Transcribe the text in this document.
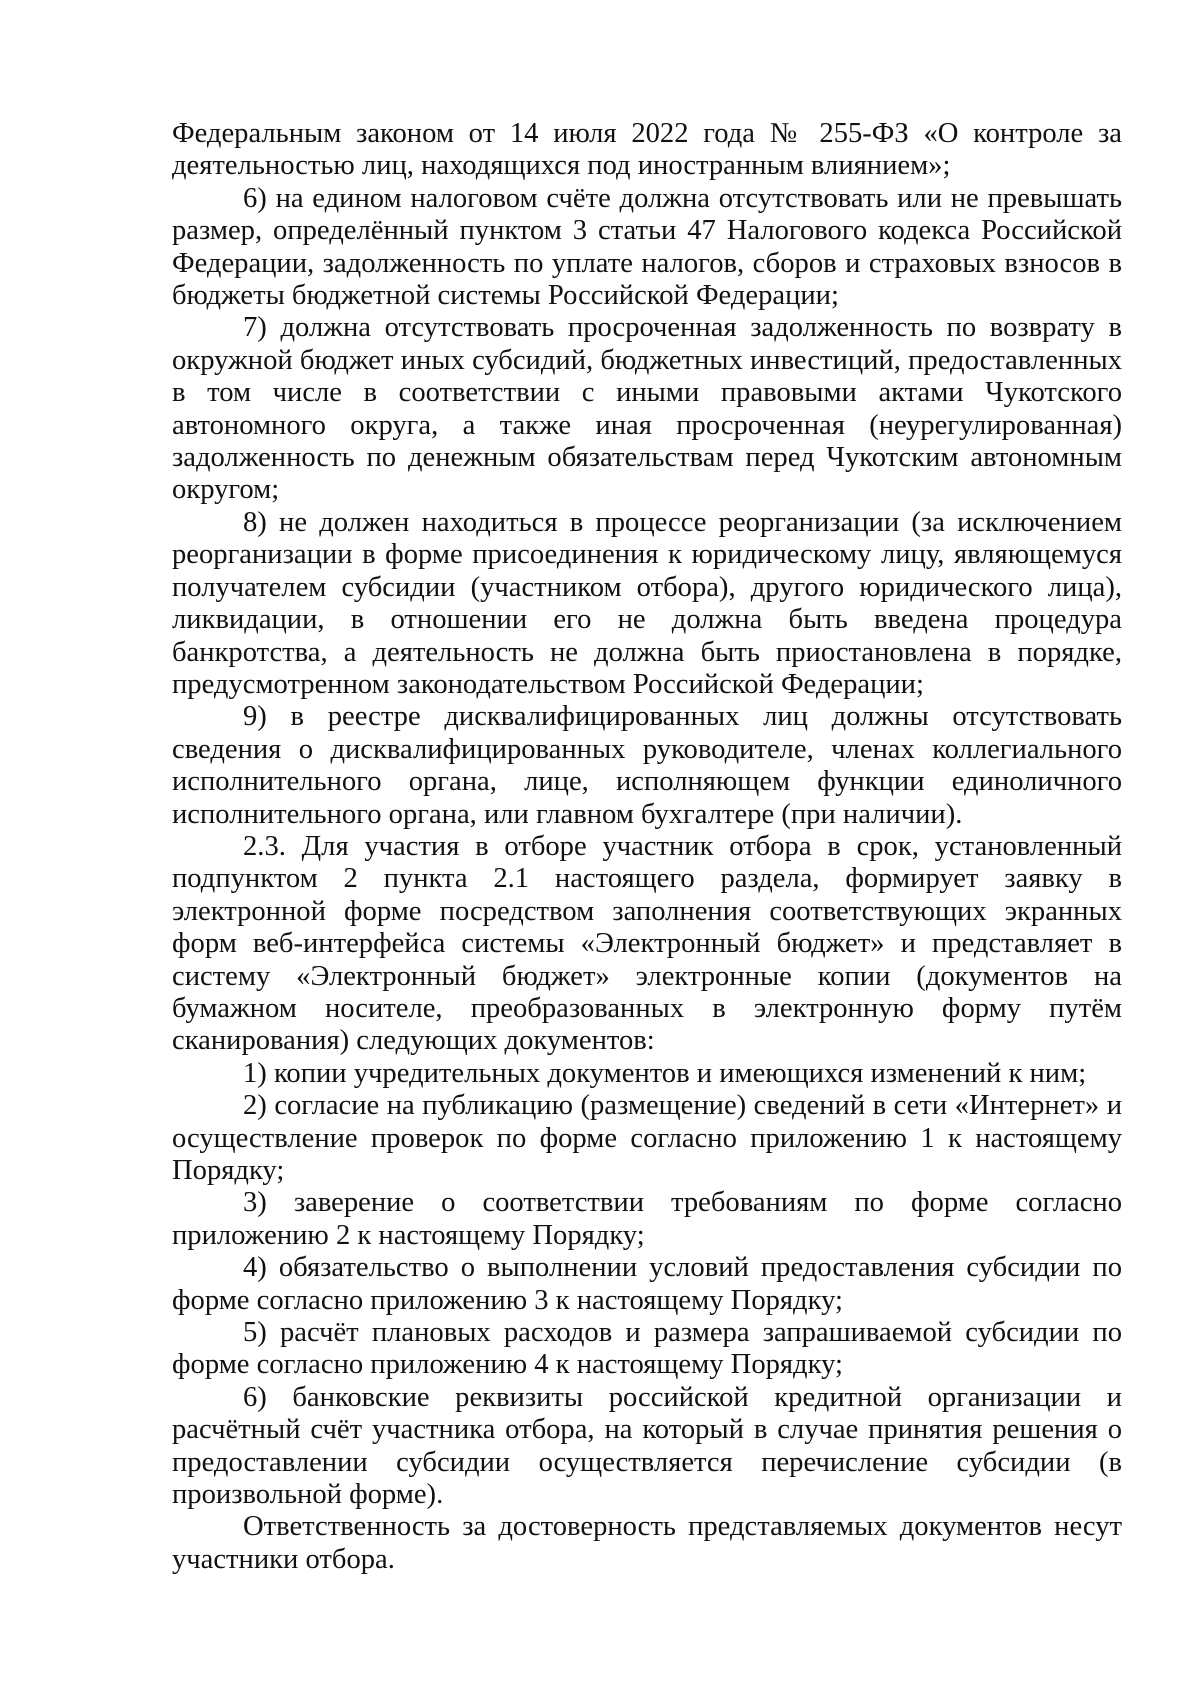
Федеральным законом от 14 июля 2022 года № 255-ФЗ «О контроле за деятельностью лиц, находящихся под иностранным влиянием»;

6) на едином налоговом счёте должна отсутствовать или не превышать размер, определённый пунктом 3 статьи 47 Налогового кодекса Российской Федерации, задолженность по уплате налогов, сборов и страховых взносов в бюджеты бюджетной системы Российской Федерации;

7) должна отсутствовать просроченная задолженность по возврату в окружной бюджет иных субсидий, бюджетных инвестиций, предоставленных в том числе в соответствии с иными правовыми актами Чукотского автономного округа, а также иная просроченная (неурегулированная) задолженность по денежным обязательствам перед Чукотским автономным округом;

8) не должен находиться в процессе реорганизации (за исключением реорганизации в форме присоединения к юридическому лицу, являющемуся получателем субсидии (участником отбора), другого юридического лица), ликвидации, в отношении его не должна быть введена процедура банкротства, а деятельность не должна быть приостановлена в порядке, предусмотренном законодательством Российской Федерации;

9) в реестре дисквалифицированных лиц должны отсутствовать сведения о дисквалифицированных руководителе, членах коллегиального исполнительного органа, лице, исполняющем функции единоличного исполнительного органа, или главном бухгалтере (при наличии).

2.3. Для участия в отборе участник отбора в срок, установленный подпунктом 2 пункта 2.1 настоящего раздела, формирует заявку в электронной форме посредством заполнения соответствующих экранных форм веб-интерфейса системы «Электронный бюджет» и представляет в систему «Электронный бюджет» электронные копии (документов на бумажном носителе, преобразованных в электронную форму путём сканирования) следующих документов:

1) копии учредительных документов и имеющихся изменений к ним;

2) согласие на публикацию (размещение) сведений в сети «Интернет» и осуществление проверок по форме согласно приложению 1 к настоящему Порядку;

3) заверение о соответствии требованиям по форме согласно приложению 2 к настоящему Порядку;

4) обязательство о выполнении условий предоставления субсидии по форме согласно приложению 3 к настоящему Порядку;

5) расчёт плановых расходов и размера запрашиваемой субсидии по форме согласно приложению 4 к настоящему Порядку;

6) банковские реквизиты российской кредитной организации и расчётный счёт участника отбора, на который в случае принятия решения о предоставлении субсидии осуществляется перечисление субсидии (в произвольной форме).

Ответственность за достоверность представляемых документов несут участники отбора.
